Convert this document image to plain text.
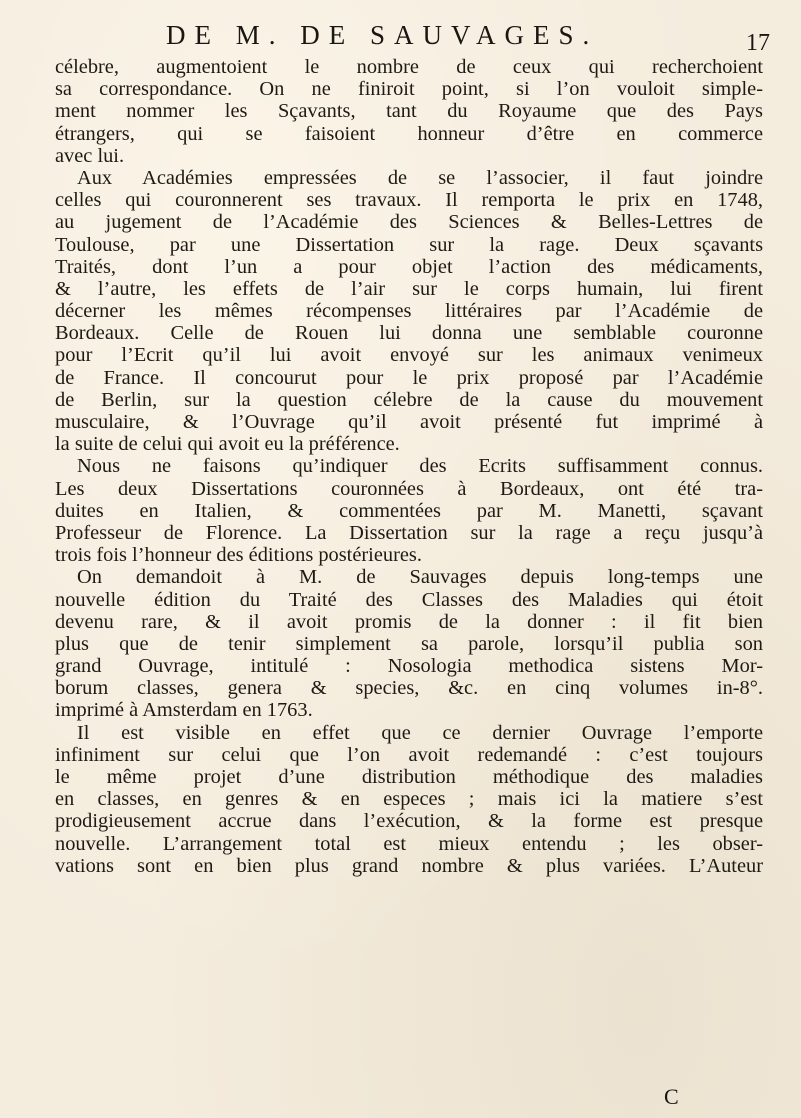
DE M. DE SAUVAGES.	17
célebre, augmentoient le nombre de ceux qui recherchoient
sa correspondance. On ne finiroit point, si l’on vouloit simple-
ment nommer les Sçavants, tant du Royaume que des Pays
étrangers, qui se faisoient honneur d’être en commerce
avec lui.
Aux Académies empressées de se l’associer, il faut joindre
celles qui couronnerent ses travaux. Il remporta le prix en 1748,
au jugement de l’Académie des Sciences & Belles-Lettres de
Toulouse, par une Dissertation sur la rage. Deux sçavants
Traités, dont l’un a pour objet l’action des médicaments,
& l’autre, les effets de l’air sur le corps humain, lui firent
décerner les mêmes récompenses littéraires par l’Académie de
Bordeaux. Celle de Rouen lui donna une semblable couronne
pour l’Ecrit qu’il lui avoit envoyé sur les animaux venimeux
de France. Il concourut pour le prix proposé par l’Académie
de Berlin, sur la question célebre de la cause du mouvement
musculaire, & l’Ouvrage qu’il avoit présenté fut imprimé à
la suite de celui qui avoit eu la préférence.
Nous ne faisons qu’indiquer des Ecrits suffisamment connus.
Les deux Dissertations couronnées à Bordeaux, ont été tra-
duites en Italien, & commentées par M. Manetti, sçavant
Professeur de Florence. La Dissertation sur la rage a reçu jusqu’à
trois fois l’honneur des éditions postérieures.
On demandoit à M. de Sauvages depuis long-temps une
nouvelle édition du Traité des Classes des Maladies qui étoit
devenu rare, & il avoit promis de la donner : il fit bien
plus que de tenir simplement sa parole, lorsqu’il publia son
grand Ouvrage, intitulé : Nosologia methodica sistens Mor-
borum classes, genera & species, &c. en cinq volumes in-8°.
imprimé à Amsterdam en 1763.
Il est visible en effet que ce dernier Ouvrage l’emporte
infiniment sur celui que l’on avoit redemandé : c’est toujours
le même projet d’une distribution méthodique des maladies
en classes, en genres & en especes ; mais ici la matiere s’est
prodigieusement accrue dans l’exécution, & la forme est presque
nouvelle. L’arrangement total est mieux entendu ; les obser-
vations sont en bien plus grand nombre & plus variées. L’Auteur
C
